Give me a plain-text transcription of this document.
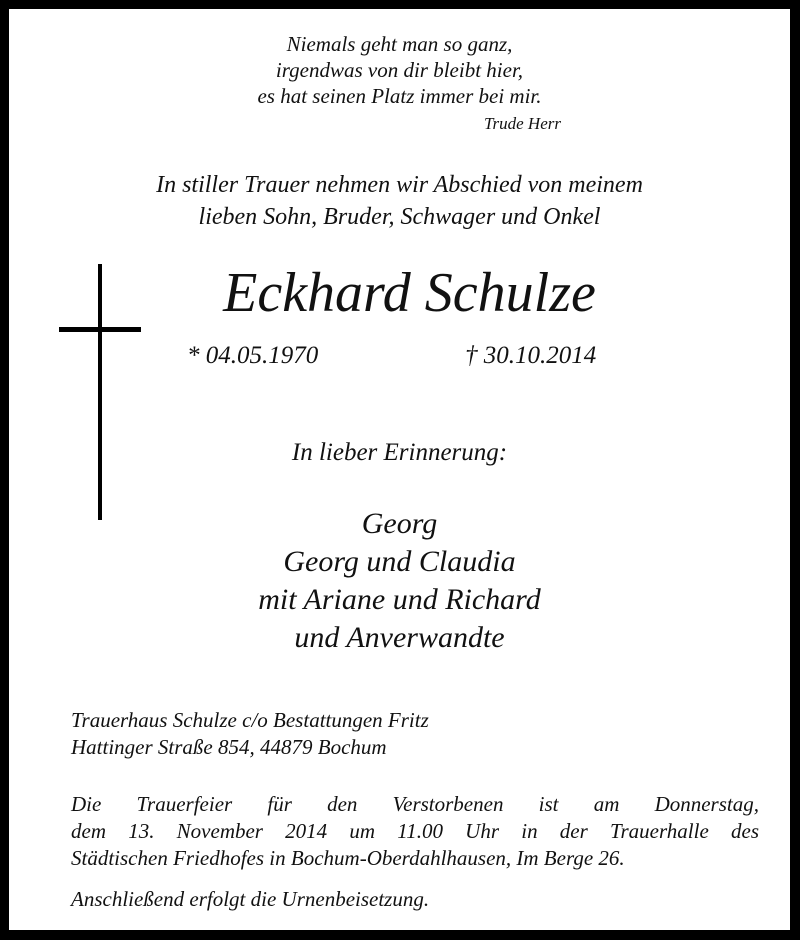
Niemals geht man so ganz,
irgendwas von dir bleibt hier,
es hat seinen Platz immer bei mir.
Trude Herr
In stiller Trauer nehmen wir Abschied von meinem
lieben Sohn, Bruder, Schwager und Onkel
Eckhard Schulze
* 04.05.1970	† 30.10.2014
In lieber Erinnerung:
Georg
Georg und Claudia
mit Ariane und Richard
und Anverwandte
Trauerhaus Schulze c/o Bestattungen Fritz
Hattinger Straße 854, 44879 Bochum
Die Trauerfeier für den Verstorbenen ist am Donnerstag,
dem 13. November 2014 um 11.00 Uhr in der Trauerhalle des
Städtischen Friedhofes in Bochum-Oberdahlhausen, Im Berge 26.
Anschließend erfolgt die Urnenbeisetzung.
